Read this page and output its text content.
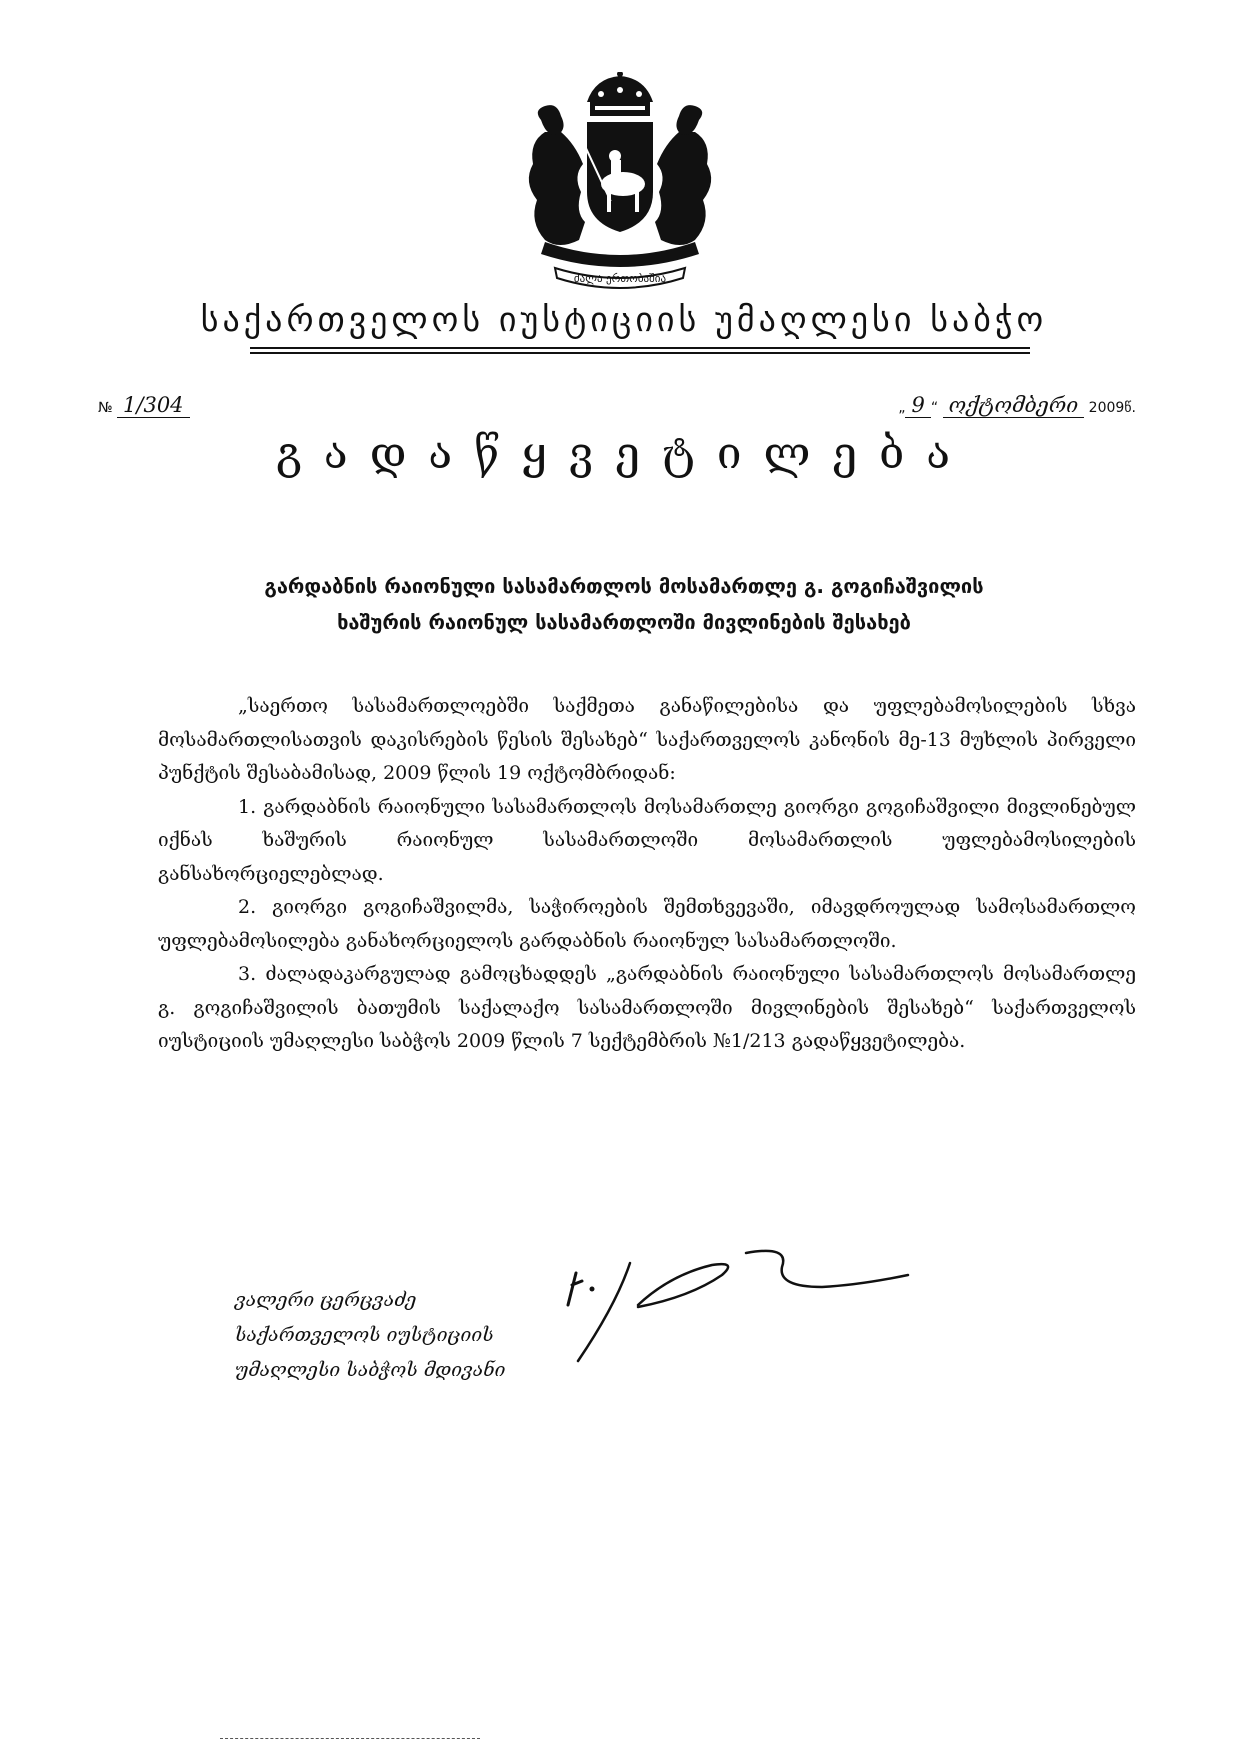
ძალა ერთობაშია
საქართველოს იუსტიციის უმაღლესი საბჭო
№ 1/304	„ 9 “ ოქტომბერი 2009წ.
გადაწყვეტილება
გარდაბნის რაიონული სასამართლოს მოსამართლე გ. გოგიჩაშვილის
ხაშურის რაიონულ სასამართლოში მივლინების შესახებ

„საერთო სასამართლოებში საქმეთა განაწილებისა და უფლებამოსილების სხვა მოსამართლისათვის დაკისრების წესის შესახებ“ საქართველოს კანონის მე-13 მუხლის პირველი პუნქტის შესაბამისად, 2009 წლის 19 ოქტომბრიდან:

1. გარდაბნის რაიონული სასამართლოს მოსამართლე გიორგი გოგიჩაშვილი მივლინებულ იქნას ხაშურის რაიონულ სასამართლოში მოსამართლის უფლებამოსილების განსახორციელებლად.

2. გიორგი გოგიჩაშვილმა, საჭიროების შემთხვევაში, იმავდროულად სამოსამართლო უფლებამოსილება განახორციელოს გარდაბნის რაიონულ სასამართლოში.

3. ძალადაკარგულად გამოცხადდეს „გარდაბნის რაიონული სასამართლოს მოსამართლე გ. გოგიჩაშვილის ბათუმის საქალაქო სასამართლოში მივლინების შესახებ“ საქართველოს იუსტიციის უმაღლესი საბჭოს 2009 წლის 7 სექტემბრის №1/213 გადაწყვეტილება.

ვალერი ცერცვაძე
საქართველოს იუსტიციის
უმაღლესი საბჭოს მდივანი
